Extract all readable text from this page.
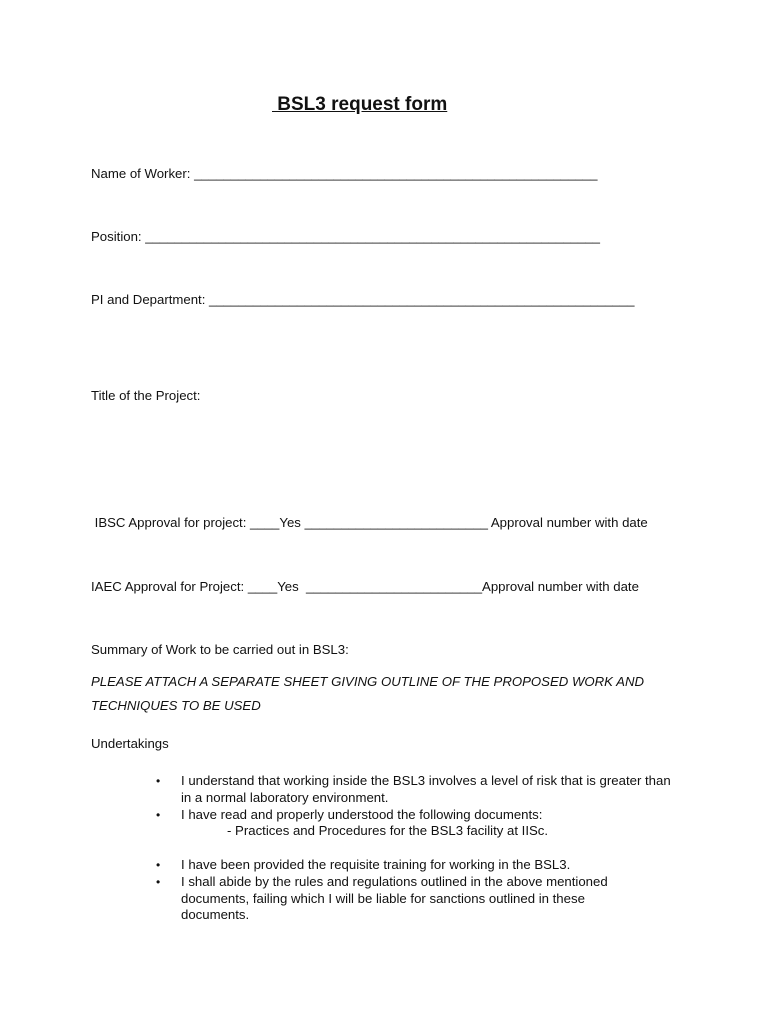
BSL3 request form
Name of Worker: _______________________________________________________
Position: ______________________________________________________________
PI and Department: __________________________________________________________
Title of the Project:
IBSC Approval for project: ____Yes _________________________ Approval number with date
IAEC Approval for Project: ____Yes  ________________________Approval number with date
Summary of Work to be carried out in BSL3:
PLEASE ATTACH A SEPARATE SHEET GIVING OUTLINE OF THE PROPOSED WORK AND
TECHNIQUES TO BE USED
Undertakings
• I understand that working inside the BSL3 involves a level of risk that is greater than in a normal laboratory environment.
• I have read and properly understood the following documents:
- Practices and Procedures for the BSL3 facility at IISc.
• I have been provided the requisite training for working in the BSL3.
• I shall abide by the rules and regulations outlined in the above mentioned documents, failing which I will be liable for sanctions outlined in these documents.
